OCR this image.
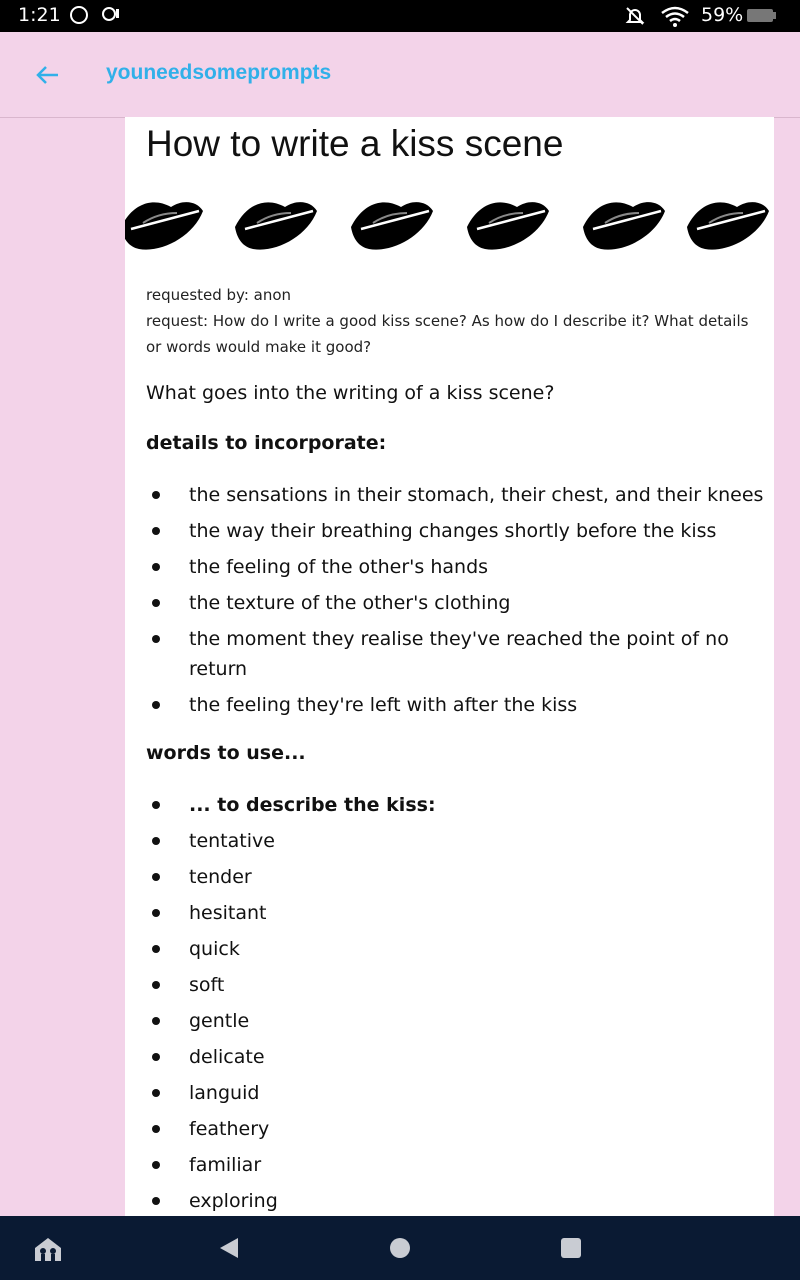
1:21	59%
youneedsomeprompts
How to write a kiss scene
requested by: anon
request: How do I write a good kiss scene? As how do I describe it? What details
or words would make it good?
What goes into the writing of a kiss scene?
details to incorporate:
the sensations in their stomach, their chest, and their knees
the way their breathing changes shortly before the kiss
the feeling of the other's hands
the texture of the other's clothing
the moment they realise they've reached the point of no
return
the feeling they're left with after the kiss
words to use...
... to describe the kiss:
tentative
tender
hesitant
quick
soft
gentle
delicate
languid
feathery
familiar
exploring
